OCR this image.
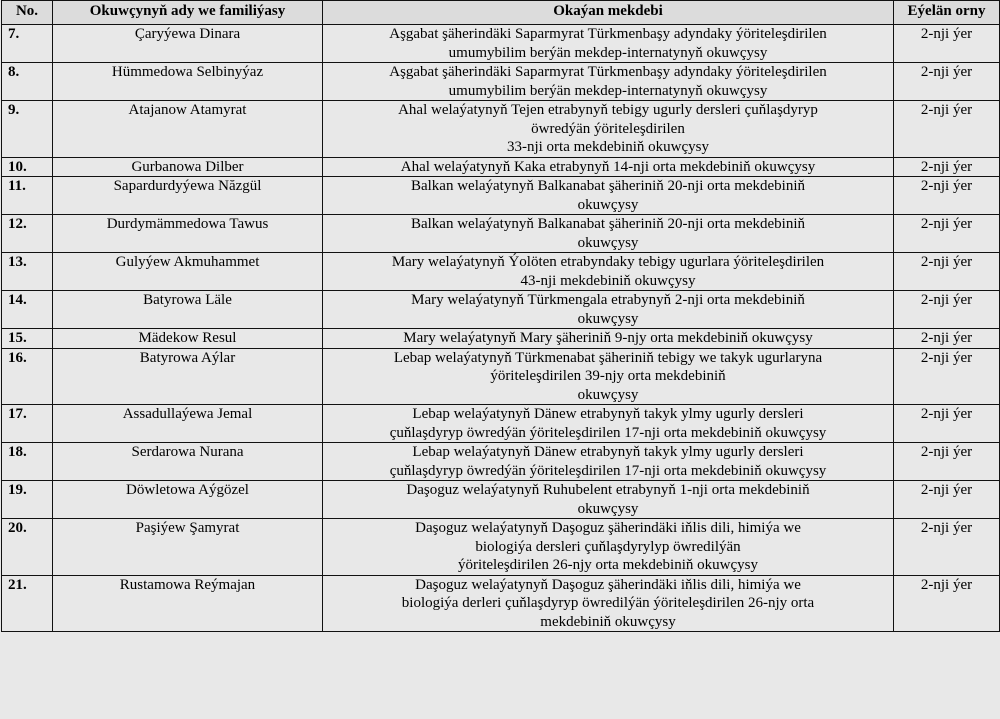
No.	Okuwçynyň ady we familiýasy	Okaýan mekdebi	Eýelän orny
7.	Çaryýewa Dinara	Aşgabat şäherindäki Saparmyrat Türkmenbaşy adyndaky ýöriteleşdirilen
umumybilim berýän mekdep-internatynyň okuwçysy	2-nji ýer
8.	Hümmedowa Selbinyýaz	Aşgabat şäherindäki Saparmyrat Türkmenbaşy adyndaky ýöriteleşdirilen
umumybilim berýän mekdep-internatynyň okuwçysy	2-nji ýer
9.	Atajanow Atamyrat	Ahal welaýatynyň Tejen etrabynyň tebigy ugurly dersleri çuňlaşdyryp
öwredýän ýöriteleşdirilen
33-nji orta mekdebiniň okuwçysy	2-nji ýer
10.	Gurbanowa Dilber	Ahal welaýatynyň Kaka etrabynyň 14-nji orta mekdebiniň okuwçysy	2-nji ýer
11.	Sapardurdyýewa Năzgül	Balkan welaýatynyň Balkanabat şäheriniň 20-nji orta mekdebiniň
okuwçysy	2-nji ýer
12.	Durdymämmedowa Tawus	Balkan welaýatynyň Balkanabat şäheriniň 20-nji orta mekdebiniň
okuwçysy	2-nji ýer
13.	Gulyýew Akmuhammet	Mary welaýatynyň Ýolöten etrabyndaky tebigy ugurlara ýöriteleşdirilen
43-nji mekdebiniň okuwçysy	2-nji ýer
14.	Batyrowa Läle	Mary welaýatynyň Türkmengala etrabynyň 2-nji orta mekdebiniň
okuwçysy	2-nji ýer
15.	Mädekow Resul	Mary welaýatynyň Mary şäheriniň 9-njy orta mekdebiniň okuwçysy	2-nji ýer
16.	Batyrowa Aýlar	Lebap welaýatynyň Türkmenabat şäheriniň tebigy we takyk ugurlaryna
ýöriteleşdirilen 39-njy orta mekdebiniň
okuwçysy	2-nji ýer
17.	Assadullaýewa Jemal	Lebap welaýatynyň Dänew etrabynyň takyk ylmy ugurly dersleri
çuňlaşdyryp öwredýän ýöriteleşdirilen 17-nji orta mekdebiniň okuwçysy	2-nji ýer
18.	Serdarowa Nurana	Lebap welaýatynyň Dänew etrabynyň takyk ylmy ugurly dersleri
çuňlaşdyryp öwredýän ýöriteleşdirilen 17-nji orta mekdebiniň okuwçysy	2-nji ýer
19.	Döwletowa Aýgözel	Daşoguz welaýatynyň Ruhubelent etrabynyň 1-nji orta mekdebiniň
okuwçysy	2-nji ýer
20.	Paşiýew Şamyrat	Daşoguz welaýatynyň Daşoguz şäherindäki iňlis dili, himiýa we
biologiýa dersleri çuňlaşdyrylyp öwredilýän
ýöriteleşdirilen 26-njy orta mekdebiniň okuwçysy	2-nji ýer
21.	Rustamowa Reýmajan	Daşoguz welaýatynyň Daşoguz şäherindäki iňlis dili, himiýa we
biologiýa derleri çuňlaşdyryp öwredilýän ýöriteleşdirilen 26-njy orta
mekdebiniň okuwçysy	2-nji ýer
